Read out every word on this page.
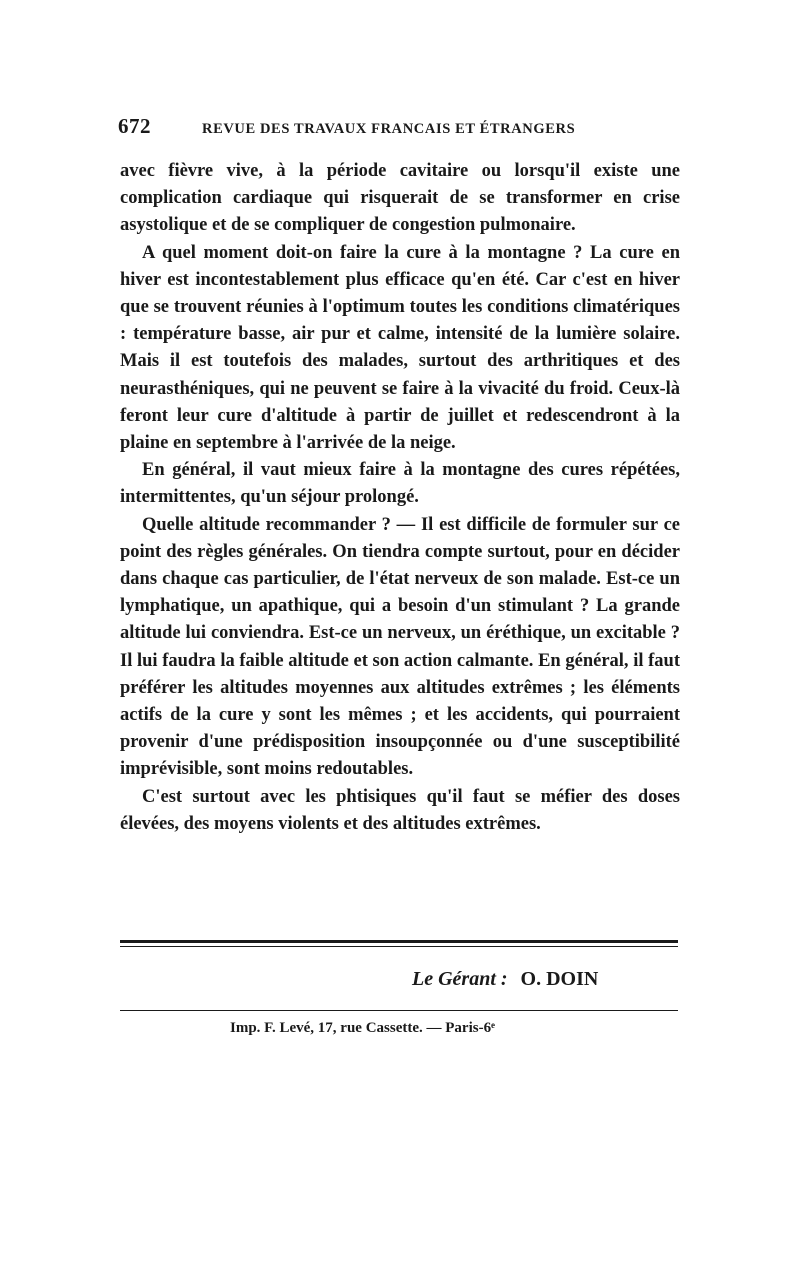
672	REVUE DES TRAVAUX FRANCAIS ET ÉTRANGERS

avec fièvre vive, à la période cavitaire ou lorsqu'il existe une complication cardiaque qui risquerait de se transformer en crise asystolique et de se compliquer de congestion pulmonaire.

A quel moment doit-on faire la cure à la montagne ? La cure en hiver est incontestablement plus efficace qu'en été. Car c'est en hiver que se trouvent réunies à l'optimum toutes les conditions climatériques : température basse, air pur et calme, intensité de la lumière solaire. Mais il est toutefois des malades, surtout des arthritiques et des neurasthéniques, qui ne peuvent se faire à la vivacité du froid. Ceux-là feront leur cure d'altitude à partir de juillet et redescendront à la plaine en septembre à l'arrivée de la neige.

En général, il vaut mieux faire à la montagne des cures répétées, intermittentes, qu'un séjour prolongé.

Quelle altitude recommander ? — Il est difficile de formuler sur ce point des règles générales. On tiendra compte surtout, pour en décider dans chaque cas particulier, de l'état nerveux de son malade. Est-ce un lymphatique, un apathique, qui a besoin d'un stimulant ? La grande altitude lui conviendra. Est-ce un nerveux, un éréthique, un excitable ? Il lui faudra la faible altitude et son action calmante. En général, il faut préférer les altitudes moyennes aux altitudes extrêmes ; les éléments actifs de la cure y sont les mêmes ; et les accidents, qui pourraient provenir d'une prédisposition insoupçonnée ou d'une susceptibilité imprévisible, sont moins redoutables.

C'est surtout avec les phtisiques qu'il faut se méfier des doses élevées, des moyens violents et des altitudes extrêmes.

Le Gérant : O. DOIN
Imp. F. Levé, 17, rue Cassette. — Paris-6ᵉ
